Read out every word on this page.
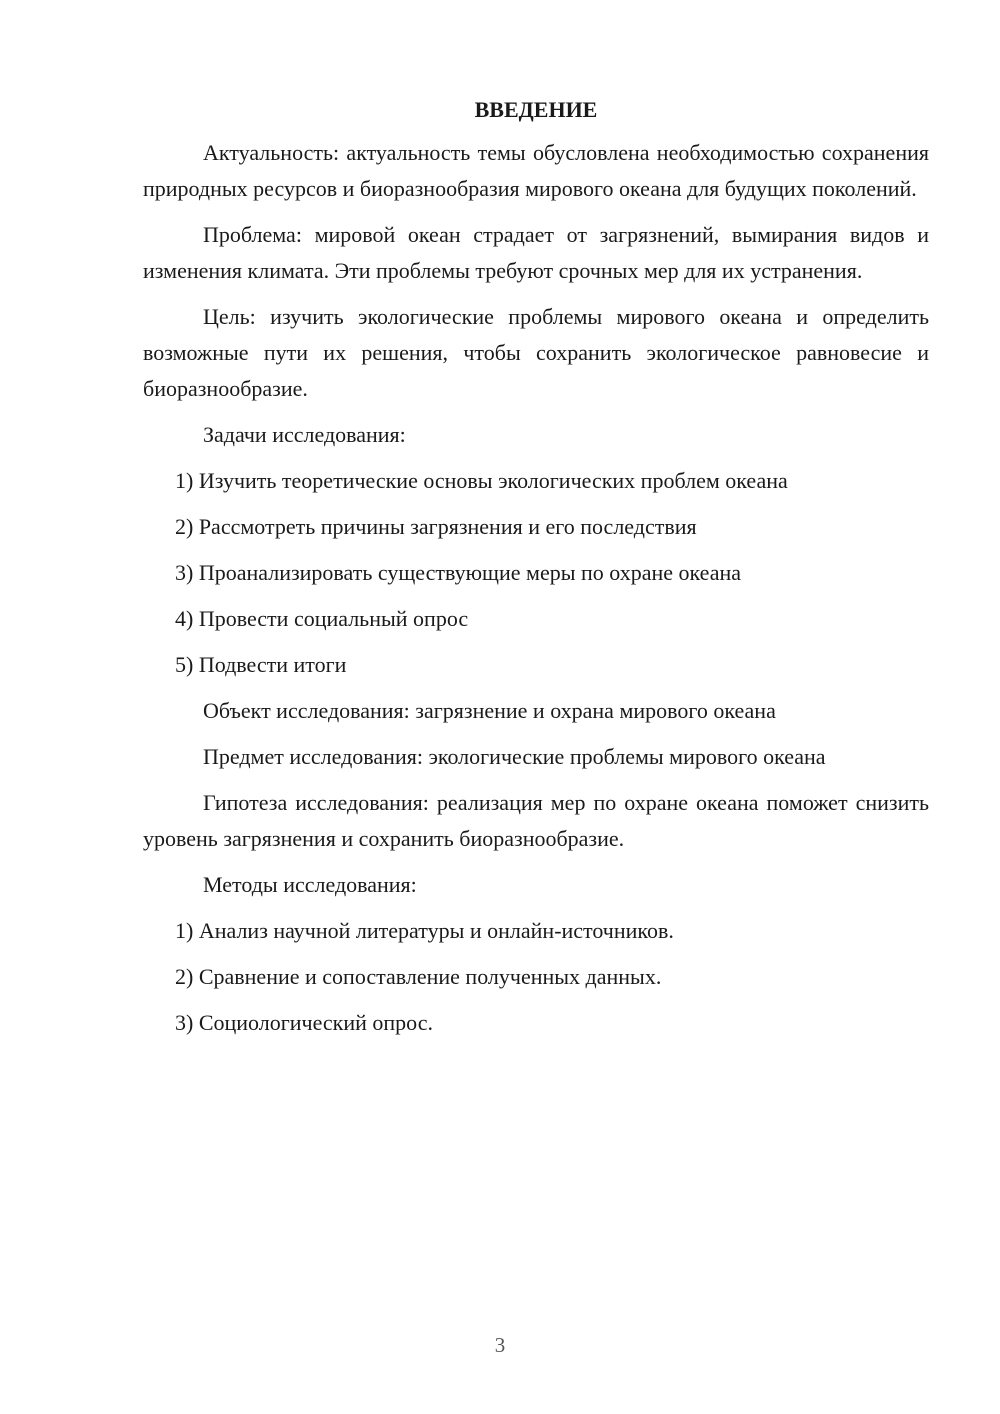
ВВЕДЕНИЕ

Актуальность: актуальность темы обусловлена необходимостью сохранения природных ресурсов и биоразнообразия мирового океана для будущих поколений.

Проблема: мировой океан страдает от загрязнений, вымирания видов и изменения климата. Эти проблемы требуют срочных мер для их устранения.

Цель: изучить экологические проблемы мирового океана и определить возможные пути их решения, чтобы сохранить экологическое равновесие и биоразнообразие.

Задачи исследования:
1) Изучить теоретические основы экологических проблем океана
2) Рассмотреть причины загрязнения и его последствия
3) Проанализировать существующие меры по охране океана
4) Провести социальный опрос
5) Подвести итоги
Объект исследования: загрязнение и охрана мирового океана
Предмет исследования: экологические проблемы мирового океана

Гипотеза исследования: реализация мер по охране океана поможет снизить уровень загрязнения и сохранить биоразнообразие.

Методы исследования:
1) Анализ научной литературы и онлайн-источников.
2) Сравнение и сопоставление полученных данных.
3) Социологический опрос.
3
